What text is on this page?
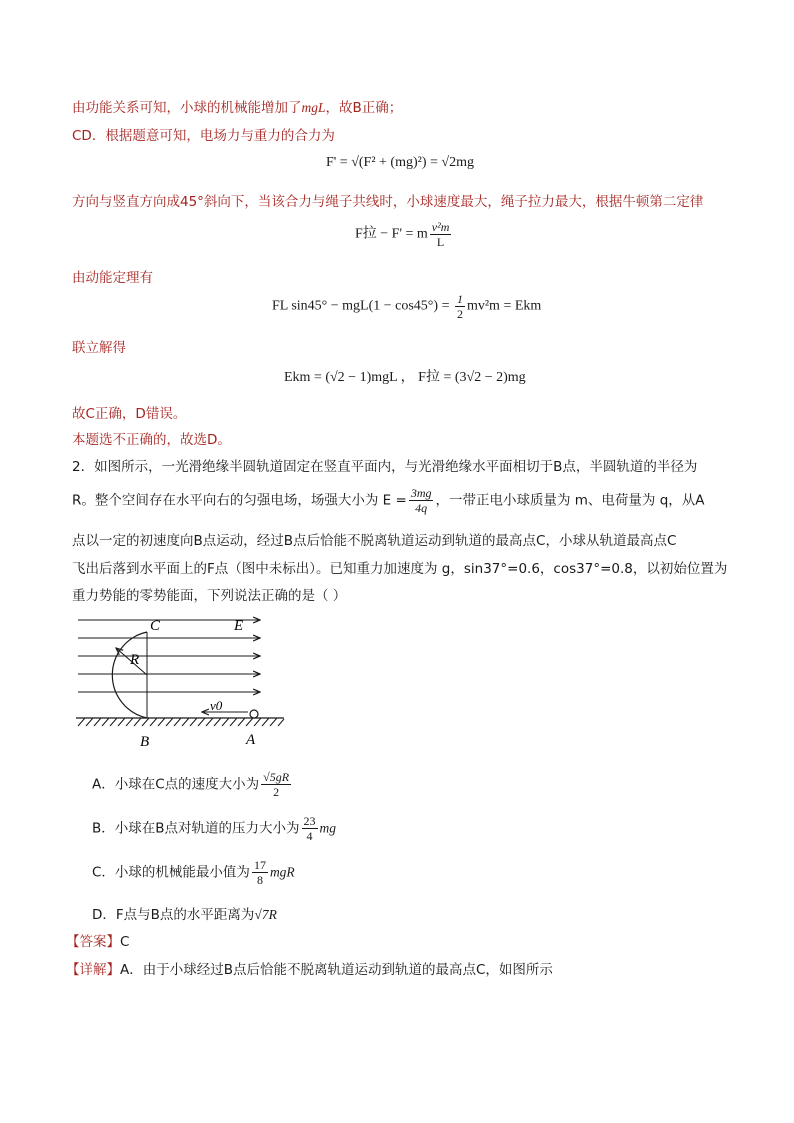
由功能关系可知，小球的机械能增加了mgL，故B正确；
CD．根据题意可知，电场力与重力的合力为
F' = √(F² + (mg)²) = √2mg
方向与竖直方向成45°斜向下，当该合力与绳子共线时，小球速度最大，绳子拉力最大，根据牛顿第二定律
F拉 − F' = m $\frac{\text{v²m}}{L}$
由动能定理有
FL $\sin 45^\circ - mgL(1 - \cos 45^\circ) = \frac{1}{2} mv^2m$ = Ekm
联立解得
Ekm = (√2 − 1)mgL ， F拉 = (3√2 − 2)mg
故C正确，D错误。
本题选不正确的，故选D。
2．如图所示，一光滑绝缘半圆轨道固定在竖直平面内，与光滑绝缘水平面相切于B点，半圆轨道的半径为
R。整个空间存在水平向右的匀强电场，场强大小为 $E = \frac{3mg}{4q}$ ，一带正电小球质量为 m、电荷量为 q，从A
点以一定的初速度向B点运动，经过B点后恰能不脱离轨道运动到轨道的最高点C，小球从轨道最高点C
飞出后落到水平面上的F点（图中未标出）。已知重力加速度为 g，sin37°=0.6，cos37°=0.8，以初始位置为
重力势能的零势能面，下列说法正确的是（ ）
C	E
R
v0
B	A
A．小球在C点的速度大小为 $\frac{√5gR}{2}$
B．小球在B点对轨道的压力大小为 $\frac{23}{4}$ mg
C．小球的机械能最小值为 $\frac{17}{8}$ mgR
D．F点与B点的水平距离为√7R
【答案】C
【详解】A．由于小球经过B点后恰能不脱离轨道运动到轨道的最高点C，如图所示
